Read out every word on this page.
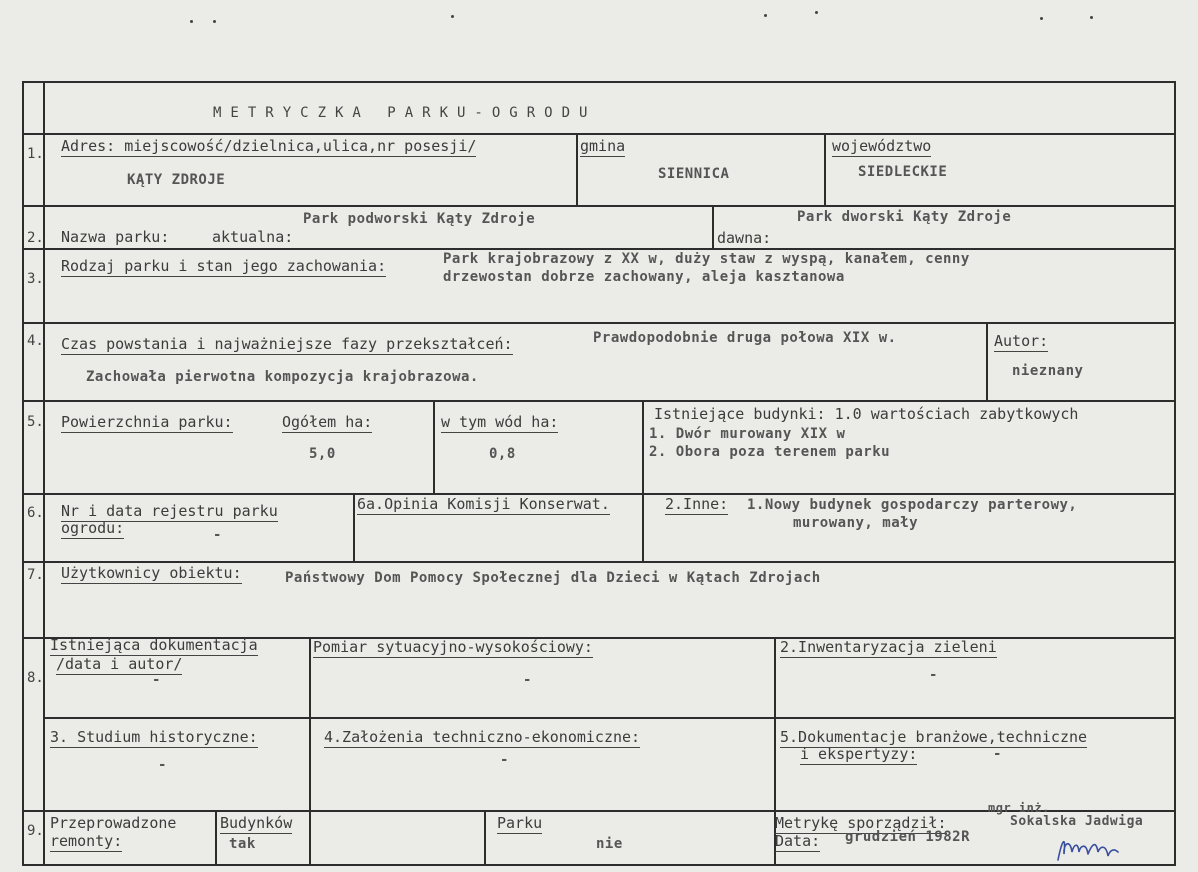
METRYCZKA PARKU-OGRODU
1. Adres: miejscowość/dzielnica,ulica,nr posesji/
KĄTY ZDROJE
gmina
SIENNICA
województwo
SIEDLECKIE
2. Nazwa parku:	aktualna:
Park podworski Kąty Zdroje
dawna:
Park dworski Kąty Zdroje
3.
Rodzaj parku i stan jego zachowania:	Park krajobrazowy z XX w, duży staw z wyspą, kanałem, cenny
drzewostan dobrze zachowany, aleja kasztanowa
4. Czas powstania i najważniejsze fazy przekształceń:	Prawdopodobnie druga połowa XIX w.
Zachowała pierwotna kompozycja krajobrazowa.
Autor:
nieznany
5. Powierzchnia parku:	Ogółem ha:
5,0
w tym wód ha:
0,8
Istniejące budynki: 1.0 wartościach zabytkowych
1. Dwór murowany XIX w
2. Obora poza terenem parku
6. Nr i data rejestru parku
ogrodu:	-
6a.Opinia Komisji Konserwat.	2.Inne: 1.Nowy budynek gospodarczy parterowy,
murowany, mały
7. Użytkownicy obiektu:	Państwowy Dom Pomocy Społecznej dla Dzieci w Kątach Zdrojach
8.
Istniejąca dokumentacja
/data i autor/
-
Pomiar sytuacyjno-wysokościowy:
-
2.Inwentaryzacja zieleni
-
3. Studium historyczne:
-
4.Założenia techniczno-ekonomiczne:
-
5.Dokumentacje branżowe,techniczne
i ekspertyzy:	-
9. Przeprowadzone
remonty:
Budynków
tak
Parku
nie
Metrykę sporządził:
mgr inż.
Sokalska Jadwiga
Data: grudzień 1982R
